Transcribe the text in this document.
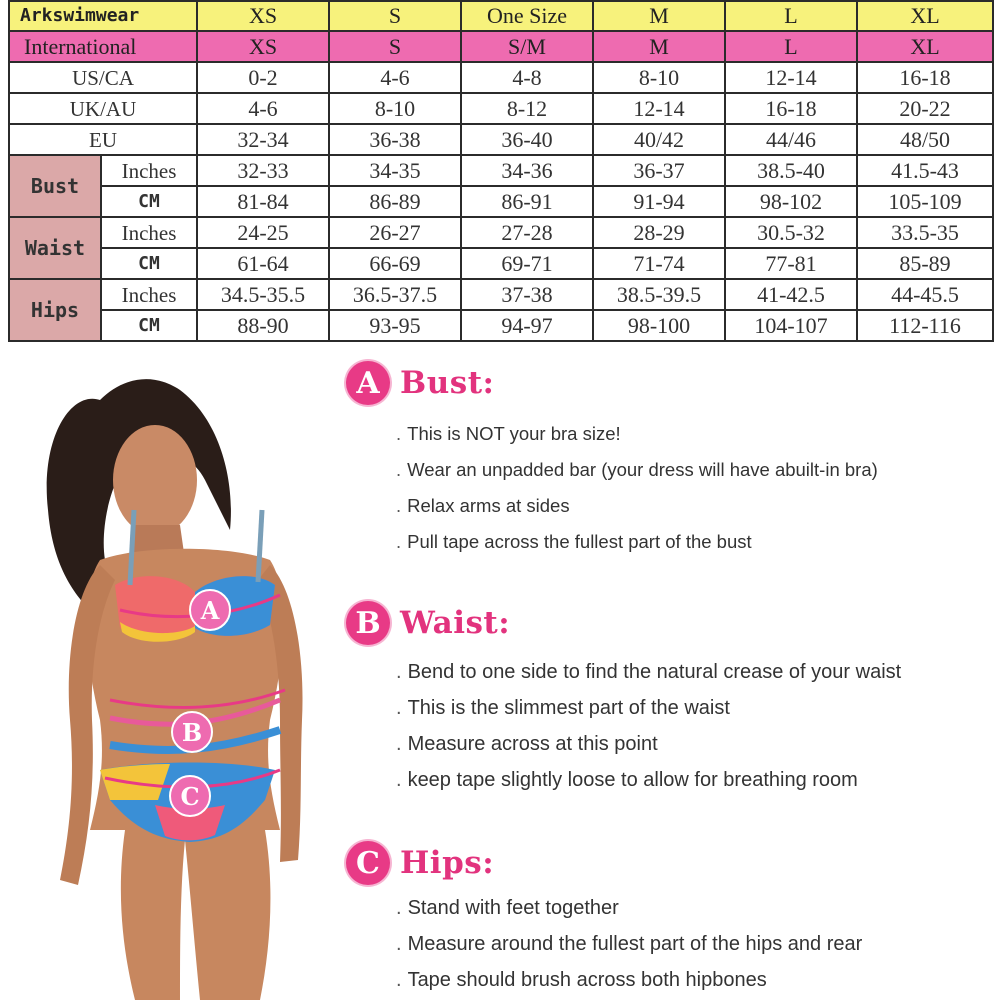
Arkswimwear		XS	S	One Size	M	L	XL
International		XS	S	S/M	M	L	XL
US/CA		0-2	4-6	4-8	8-10	12-14	16-18
UK/AU		4-6	8-10	8-12	12-14	16-18	20-22
EU		32-34	36-38	36-40	40/42	44/46	48/50
Bust	Inches	32-33	34-35	34-36	36-37	38.5-40	41.5-43
	CM	81-84	86-89	86-91	91-94	98-102	105-109
Waist	Inches	24-25	26-27	27-28	28-29	30.5-32	33.5-35
	CM	61-64	66-69	69-71	71-74	77-81	85-89
Hips	Inches	34.5-35.5	36.5-37.5	37-38	38.5-39.5	41-42.5	44-45.5
	CM	88-90	93-95	94-97	98-100	104-107	112-116
A
B
C
A Bust:
. This is NOT your bra size!
. Wear an unpadded bar (your dress will have abuilt-in bra)
. Relax arms at sides
. Pull tape across the fullest part of the bust
B Waist:
. Bend to one side to find the natural crease of your waist
. This is the slimmest part of the waist
. Measure across at this point
. keep tape slightly loose to allow for breathing room
C Hips:
. Stand with feet together
. Measure around the fullest part of the hips and rear
. Tape should brush across both hipbones
